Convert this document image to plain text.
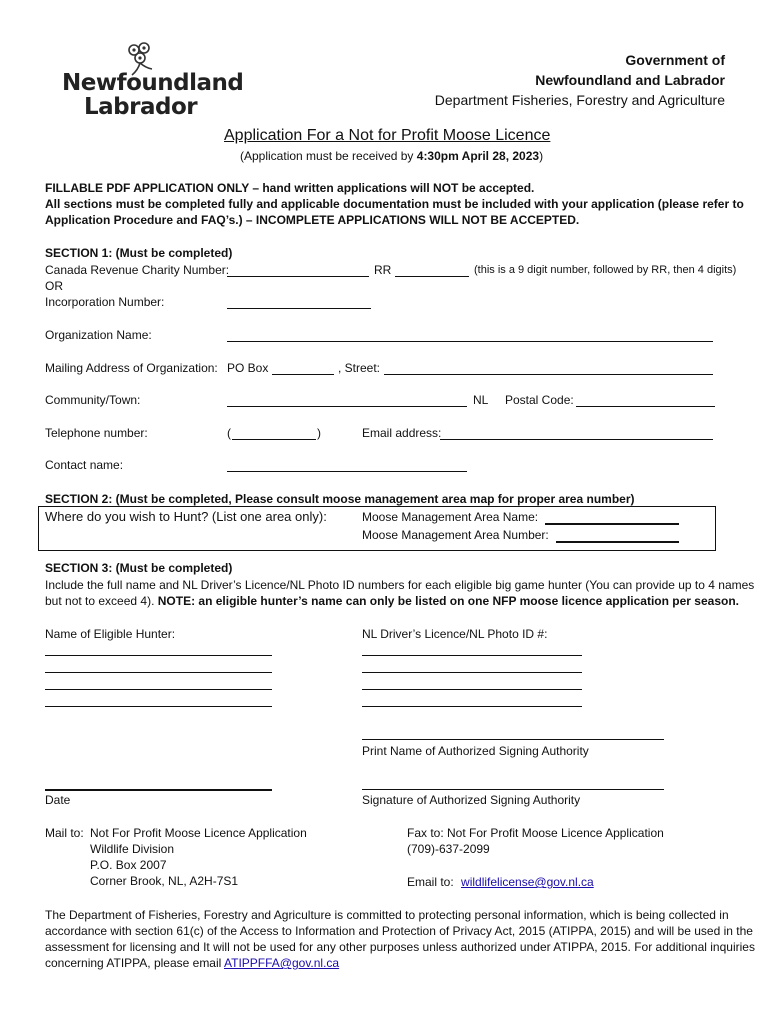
Newfoundland
Labrador
Government of
Newfoundland and Labrador
Department Fisheries, Forestry and Agriculture
Application For a Not for Profit Moose Licence
(Application must be received by 4:30pm April 28, 2023)
FILLABLE PDF APPLICATION ONLY – hand written applications will NOT be accepted.
All sections must be completed fully and applicable documentation must be included with your application (please refer to
Application Procedure and FAQ’s.) – INCOMPLETE APPLICATIONS WILL NOT BE ACCEPTED.
SECTION 1: (Must be completed)
Canada Revenue Charity Number:	RR	(this is a 9 digit number, followed by RR, then 4 digits)
OR
Incorporation Number:
Organization Name:
Mailing Address of Organization: PO Box	, Street:
Community/Town:	NL Postal Code:
Telephone number:	(	)	Email address:
Contact name:
SECTION 2: (Must be completed, Please consult moose management area map for proper area number)
Where do you wish to Hunt? (List one area only):	Moose Management Area Name:
Moose Management Area Number:
SECTION 3: (Must be completed)
Include the full name and NL Driver’s Licence/NL Photo ID numbers for each eligible big game hunter (You can provide up to 4 names
but not to exceed 4). NOTE: an eligible hunter’s name can only be listed on one NFP moose licence application per season.
Name of Eligible Hunter:	NL Driver’s Licence/NL Photo ID #:
Print Name of Authorized Signing Authority
Date	Signature of Authorized Signing Authority
Mail to: Not For Profit Moose Licence Application
Wildlife Division
P.O. Box 2007
Corner Brook, NL, A2H-7S1
Fax to: Not For Profit Moose Licence Application
(709)-637-2099
Email to: wildlifelicense@gov.nl.ca
The Department of Fisheries, Forestry and Agriculture is committed to protecting personal information, which is being collected in
accordance with section 61(c) of the Access to Information and Protection of Privacy Act, 2015 (ATIPPA, 2015) and will be used in the
assessment for licensing and It will not be used for any other purposes unless authorized under ATIPPA, 2015. For additional inquiries
concerning ATIPPA, please email ATIPPFFA@gov.nl.ca
